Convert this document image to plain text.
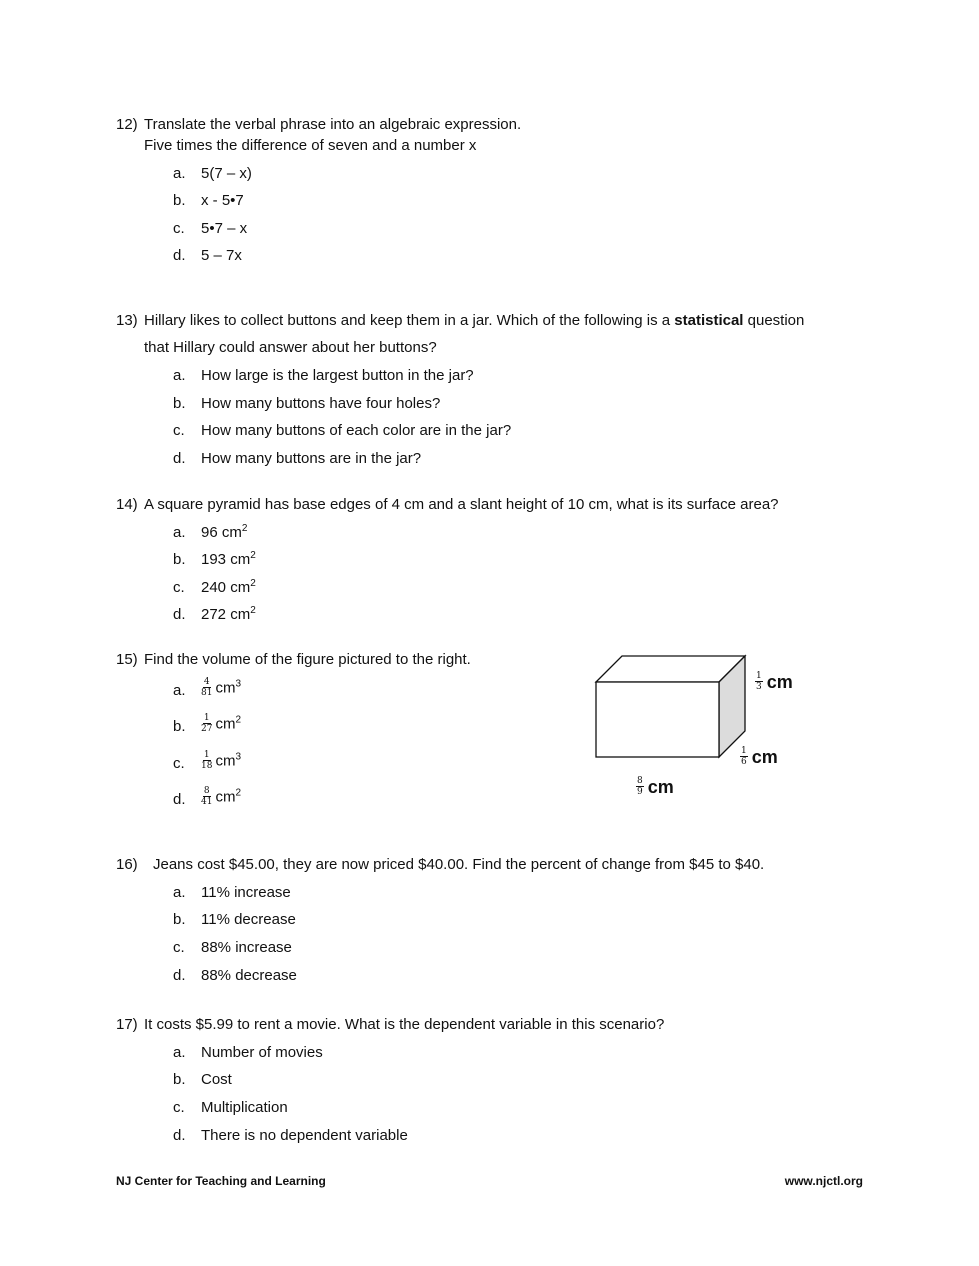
12) Translate the verbal phrase into an algebraic expression.
Five times the difference of seven and a number x
a. 5(7 – x)
b. x - 5•7
c. 5•7 – x
d. 5 – 7x
13) Hillary likes to collect buttons and keep them in a jar. Which of the following is a statistical question
that Hillary could answer about her buttons?
a. How large is the largest button in the jar?
b. How many buttons have four holes?
c. How many buttons of each color are in the jar?
d. How many buttons are in the jar?
14) A square pyramid has base edges of 4 cm and a slant height of 10 cm, what is its surface area?
a. 96 $cm^2$
b. 193 $cm^2$
c. 240 $cm^2$
d. 272 $cm^2$
15) Find the volume of the figure pictured to the right.
a. $\frac{4}{81} cm^3$
b. $\frac{1}{27} cm^2$
c. $\frac{1}{18} cm^3$
d. $\frac{8}{41} cm^2$
$\frac{1}{3}$ cm
$\frac{1}{6}$ cm
$\frac{8}{9}$ cm
16) Jeans cost $45.00, they are now priced $40.00. Find the percent of change from $45 to $40.
a. 11% increase
b. 11% decrease
c. 88% increase
d. 88% decrease
17) It costs $5.99 to rent a movie. What is the dependent variable in this scenario?
a. Number of movies
b. Cost
c. Multiplication
d. There is no dependent variable
NJ Center for Teaching and Learning	www.njctl.org
